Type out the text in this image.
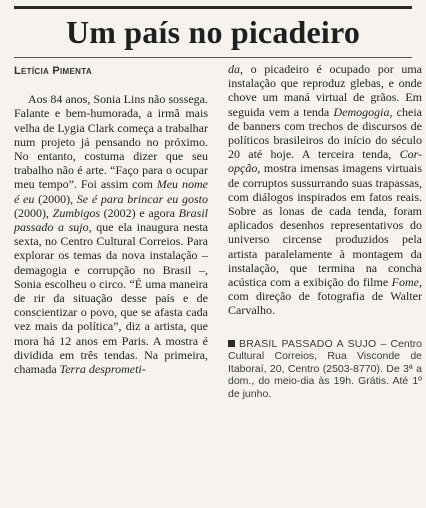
Um país no picadeiro
Letícia Pimenta

Aos 84 anos, Sonia Lins não sossega. Falante e bem-humorada, a irmã mais velha de Lygia Clark começa a trabalhar num projeto já pensando no próximo. No entanto, costuma dizer que seu trabalho não é arte. “Faço para o ocupar meu tempo”. Foi assim com Meu nome é eu (2000), Se é para brincar eu gosto (2000), Zumbigos (2002) e agora Brasil passado a sujo, que ela inaugura nesta sexta, no Centro Cultural Correios. Para explorar os temas da nova instalação – demagogia e corrupção no Brasil –, Sonia escolheu o circo. “É uma maneira de rir da situação desse país e de conscientizar o povo, que se afasta cada vez mais da política”, diz a artista, que mora há 12 anos em Paris. A mostra é dividida em três tendas. Na primeira, chamada Terra desprometi-

da, o picadeiro é ocupado por uma instalação que reproduz glebas, e onde chove um maná virtual de grãos. Em seguida vem a tenda Demogogia, cheia de banners com trechos de discursos de políticos brasileiros do início do século 20 até hoje. A terceira tenda, Cor-opção, mostra imensas imagens virtuais de corruptos sussurrando suas trapassas, com diálogos inspirados em fatos reais. Sobre as lonas de cada tenda, foram aplicados desenhos representativos do universo circense produzidos pela artista paralelamente à montagem da instalação, que termina na concha acústica com a exibição do filme Fome, com direção de fotografia de Walter Carvalho.

BRASIL PASSADO A SUJO – Centro Cultural Correios, Rua Visconde de Itaboraí, 20, Centro (2503-8770). De 3ª a dom., do meio-dia às 19h. Grátis. Até 1º de junho.
